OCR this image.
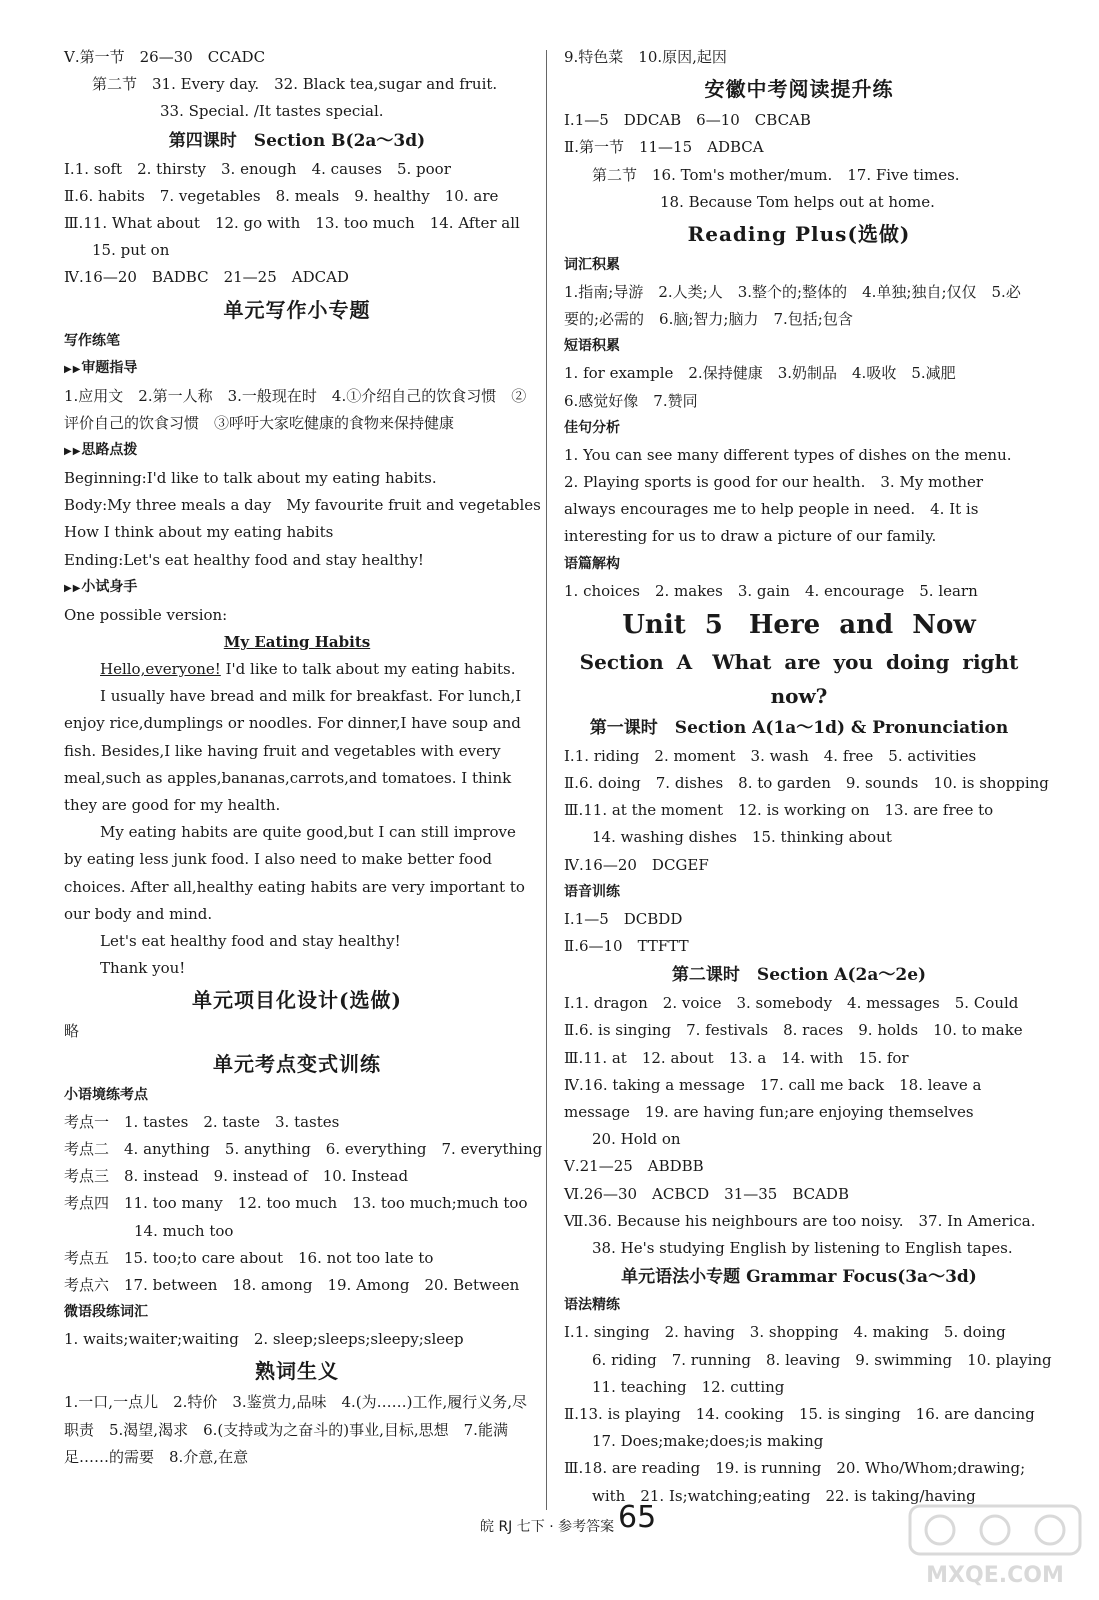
Ⅴ.第一节　26—30　CCADC
第二节　31. Every day.　32. Black tea,sugar and fruit.
33. Special. /It tastes special.
第四课时　Section B(2a～3d)
Ⅰ.1. soft　2. thirsty　3. enough　4. causes　5. poor
Ⅱ.6. habits　7. vegetables　8. meals　9. healthy　10. are
Ⅲ.11. What about　12. go with　13. too much　14. After all
15. put on
Ⅳ.16—20　BADBC　21—25　ADCAD
单元写作小专题
写作练笔
▶▶审题指导
1.应用文　2.第一人称　3.一般现在时　4.①介绍自己的饮食习惯　②评价自己的饮食习惯　③呼吁大家吃健康的食物来保持健康
▶▶思路点拨
Beginning:I'd like to talk about my eating habits.
Body:My three meals a day　My favourite fruit and vegetables
How I think about my eating habits
Ending:Let's eat healthy food and stay healthy!
▶▶小试身手
One possible version:
My Eating Habits
Hello,everyone! I'd like to talk about my eating habits.
I usually have bread and milk for breakfast. For lunch,I enjoy rice,dumplings or noodles. For dinner,I have soup and fish. Besides,I like having fruit and vegetables with every meal,such as apples,bananas,carrots,and tomatoes. I think they are good for my health.
My eating habits are quite good,but I can still improve by eating less junk food. I also need to make better food choices. After all,healthy eating habits are very important to our body and mind.
Let's eat healthy food and stay healthy!
Thank you!
单元项目化设计(选做)
略
单元考点变式训练
小语境练考点
考点一　1. tastes　2. taste　3. tastes
考点二　4. anything　5. anything　6. everything　7. everything
考点三　8. instead　9. instead of　10. Instead
考点四　11. too many　12. too much　13. too much;much too
14. much too
考点五　15. too;to care about　16. not too late to
考点六　17. between　18. among　19. Among　20. Between
微语段练词汇
1. waits;waiter;waiting　2. sleep;sleeps;sleepy;sleep
熟词生义
1.一口,一点儿　2.特价　3.鉴赏力,品味　4.(为……)工作,履行义务,尽职责　5.渴望,渴求　6.(支持或为之奋斗的)事业,目标,思想　7.能满足……的需要　8.介意,在意
9.特色菜　10.原因,起因
安徽中考阅读提升练
Ⅰ.1—5　DDCAB　6—10　CBCAB
Ⅱ.第一节　11—15　ADBCA
第二节　16. Tom's mother/mum.　17. Five times.
18. Because Tom helps out at home.
Reading Plus(选做)
词汇积累
1.指南;导游　2.人类;人　3.整个的;整体的　4.单独;独自;仅仅　5.必要的;必需的　6.脑;智力;脑力　7.包括;包含
短语积累
1. for example　2.保持健康　3.奶制品　4.吸收　5.减肥
6.感觉好像　7.赞同
佳句分析
1. You can see many different types of dishes on the menu.
2. Playing sports is good for our health.　3. My mother always encourages me to help people in need.　4. It is interesting for us to draw a picture of our family.
语篇解构
1. choices　2. makes　3. gain　4. encourage　5. learn
Unit 5　Here and Now
Section A　What are you doing right now?
第一课时　Section A(1a～1d) & Pronunciation
Ⅰ.1. riding　2. moment　3. wash　4. free　5. activities
Ⅱ.6. doing　7. dishes　8. to garden　9. sounds　10. is shopping
Ⅲ.11. at the moment　12. is working on　13. are free to
14. washing dishes　15. thinking about
Ⅳ.16—20　DCGEF
语音训练
Ⅰ.1—5　DCBDD
Ⅱ.6—10　TTFTT
第二课时　Section A(2a～2e)
Ⅰ.1. dragon　2. voice　3. somebody　4. messages　5. Could
Ⅱ.6. is singing　7. festivals　8. races　9. holds　10. to make
Ⅲ.11. at　12. about　13. a　14. with　15. for
Ⅳ.16. taking a message　17. call me back　18. leave a message　19. are having fun;are enjoying themselves
20. Hold on
Ⅴ.21—25　ABDBB
Ⅵ.26—30　ACBCD　31—35　BCADB
Ⅶ.36. Because his neighbours are too noisy.　37. In America.
38. He's studying English by listening to English tapes.
单元语法小专题 Grammar Focus(3a～3d)
语法精练
Ⅰ.1. singing　2. having　3. shopping　4. making　5. doing
6. riding　7. running　8. leaving　9. swimming　10. playing
11. teaching　12. cutting
Ⅱ.13. is playing　14. cooking　15. is singing　16. are dancing
17. Does;make;does;is making
Ⅲ.18. are reading　19. is running　20. Who/Whom;drawing;
with　21. Is;watching;eating　22. is taking/having
皖 RJ 七下 · 参考答案 65
MXQE.COM
